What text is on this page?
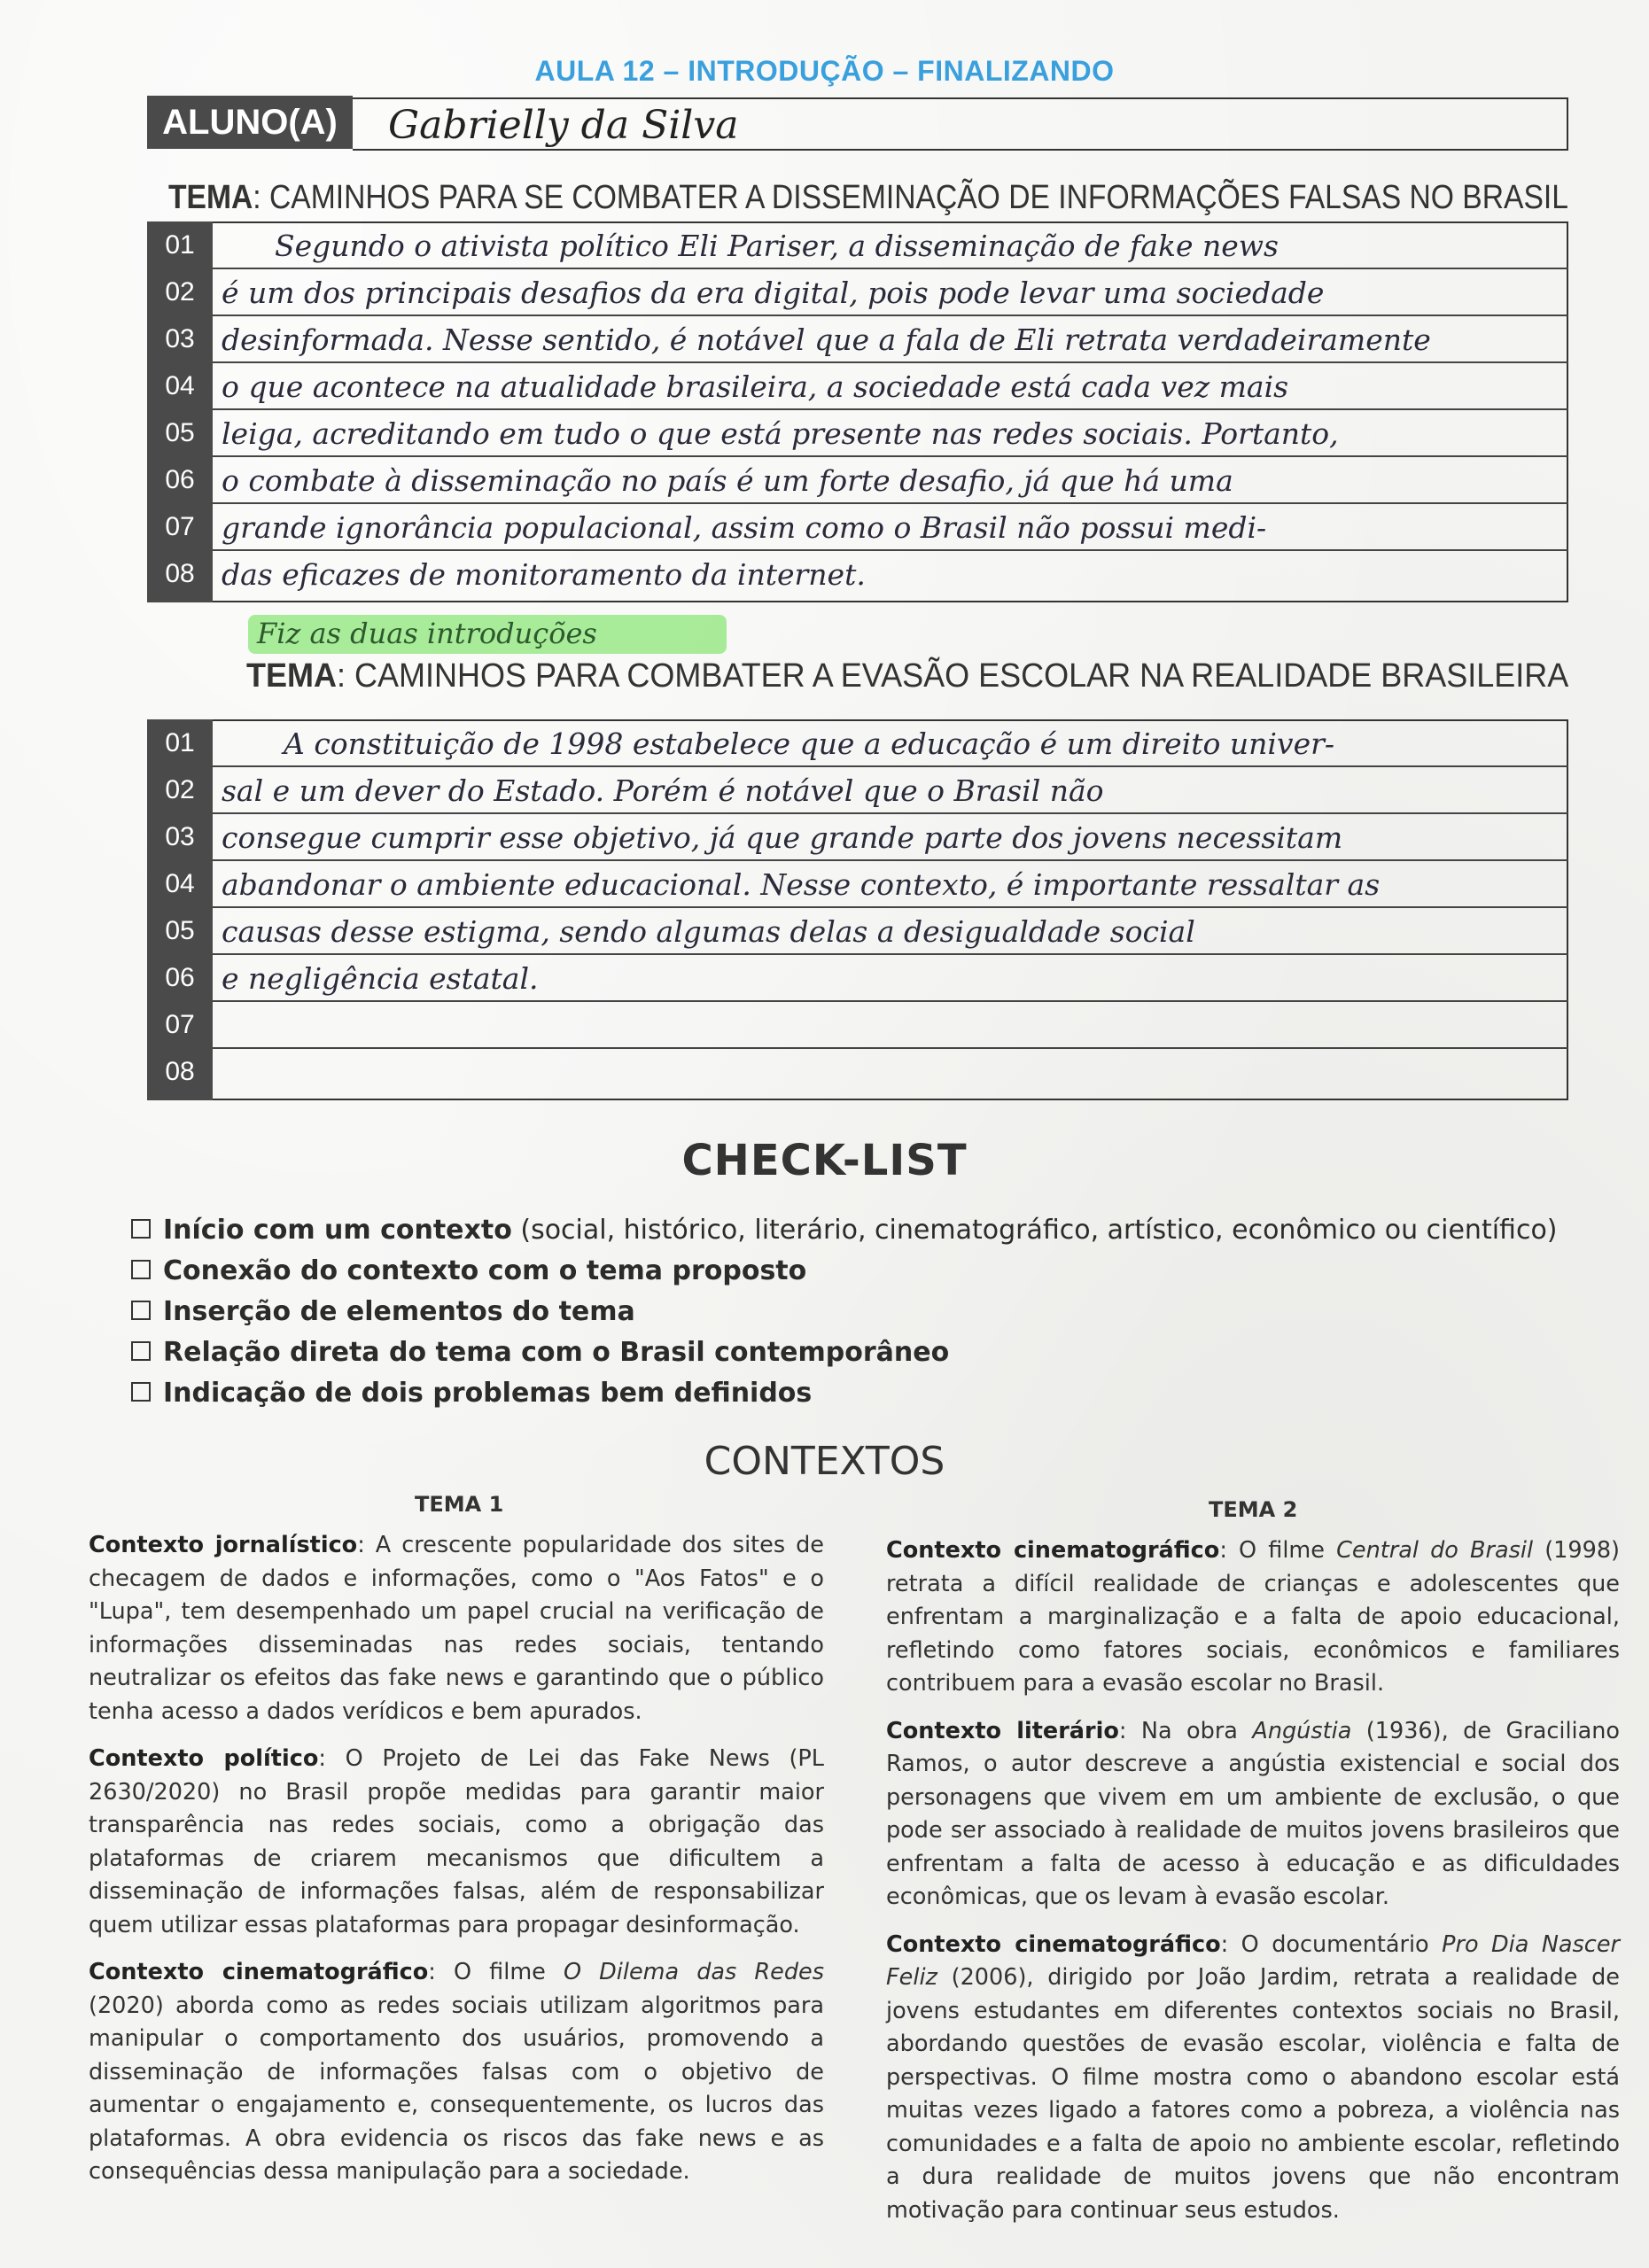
AULA 12 – INTRODUÇÃO – FINALIZANDO
ALUNO(A)	Gabrielly da Silva
TEMA: CAMINHOS PARA SE COMBATER A DISSEMINAÇÃO DE INFORMAÇÕES FALSAS NO BRASIL
01
02
03
04
05
06
07
08
Segundo o ativista político Eli Pariser, a disseminação de fake news
é um dos principais desafios da era digital, pois pode levar uma sociedade
desinformada. Nesse sentido, é notável que a fala de Eli retrata verdadeiramente
o que acontece na atualidade brasileira, a sociedade está cada vez mais
leiga, acreditando em tudo o que está presente nas redes sociais. Portanto,
o combate à disseminação no país é um forte desafio, já que há uma
grande ignorância populacional, assim como o Brasil não possui medi-
das eficazes de monitoramento da internet.
Fiz as duas introduções
TEMA: CAMINHOS PARA COMBATER A EVASÃO ESCOLAR NA REALIDADE BRASILEIRA
01
02
03
04
05
06
07
08
A constituição de 1998 estabelece que a educação é um direito univer-
sal e um dever do Estado. Porém é notável que o Brasil não
consegue cumprir esse objetivo, já que grande parte dos jovens necessitam
abandonar o ambiente educacional. Nesse contexto, é importante ressaltar as
causas desse estigma, sendo algumas delas a desigualdade social
e negligência estatal.
CHECK-LIST
Início com um contexto (social, histórico, literário, cinematográfico, artístico, econômico ou científico)
Conexão do contexto com o tema proposto
Inserção de elementos do tema
Relação direta do tema com o Brasil contemporâneo
Indicação de dois problemas bem definidos
CONTEXTOS
TEMA 1	TEMA 2

Contexto jornalístico: A crescente popularidade dos sites de checagem de dados e informações, como o "Aos Fatos" e o "Lupa", tem desempenhado um papel crucial na verificação de informações disseminadas nas redes sociais, tentando neutralizar os efeitos das fake news e garantindo que o público tenha acesso a dados verídicos e bem apurados.

Contexto político: O Projeto de Lei das Fake News (PL 2630/2020) no Brasil propõe medidas para garantir maior transparência nas redes sociais, como a obrigação das plataformas de criarem mecanismos que dificultem a disseminação de informações falsas, além de responsabilizar quem utilizar essas plataformas para propagar desinformação.

Contexto cinematográfico: O filme O Dilema das Redes (2020) aborda como as redes sociais utilizam algoritmos para manipular o comportamento dos usuários, promovendo a disseminação de informações falsas com o objetivo de aumentar o engajamento e, consequentemente, os lucros das plataformas. A obra evidencia os riscos das fake news e as consequências dessa manipulação para a sociedade.

Contexto cinematográfico: O filme Central do Brasil (1998) retrata a difícil realidade de crianças e adolescentes que enfrentam a marginalização e a falta de apoio educacional, refletindo como fatores sociais, econômicos e familiares contribuem para a evasão escolar no Brasil.

Contexto literário: Na obra Angústia (1936), de Graciliano Ramos, o autor descreve a angústia existencial e social dos personagens que vivem em um ambiente de exclusão, o que pode ser associado à realidade de muitos jovens brasileiros que enfrentam a falta de acesso à educação e as dificuldades econômicas, que os levam à evasão escolar.

Contexto cinematográfico: O documentário Pro Dia Nascer Feliz (2006), dirigido por João Jardim, retrata a realidade de jovens estudantes em diferentes contextos sociais no Brasil, abordando questões de evasão escolar, violência e falta de perspectivas. O filme mostra como o abandono escolar está muitas vezes ligado a fatores como a pobreza, a violência nas comunidades e a falta de apoio no ambiente escolar, refletindo a dura realidade de muitos jovens que não encontram motivação para continuar seus estudos.
